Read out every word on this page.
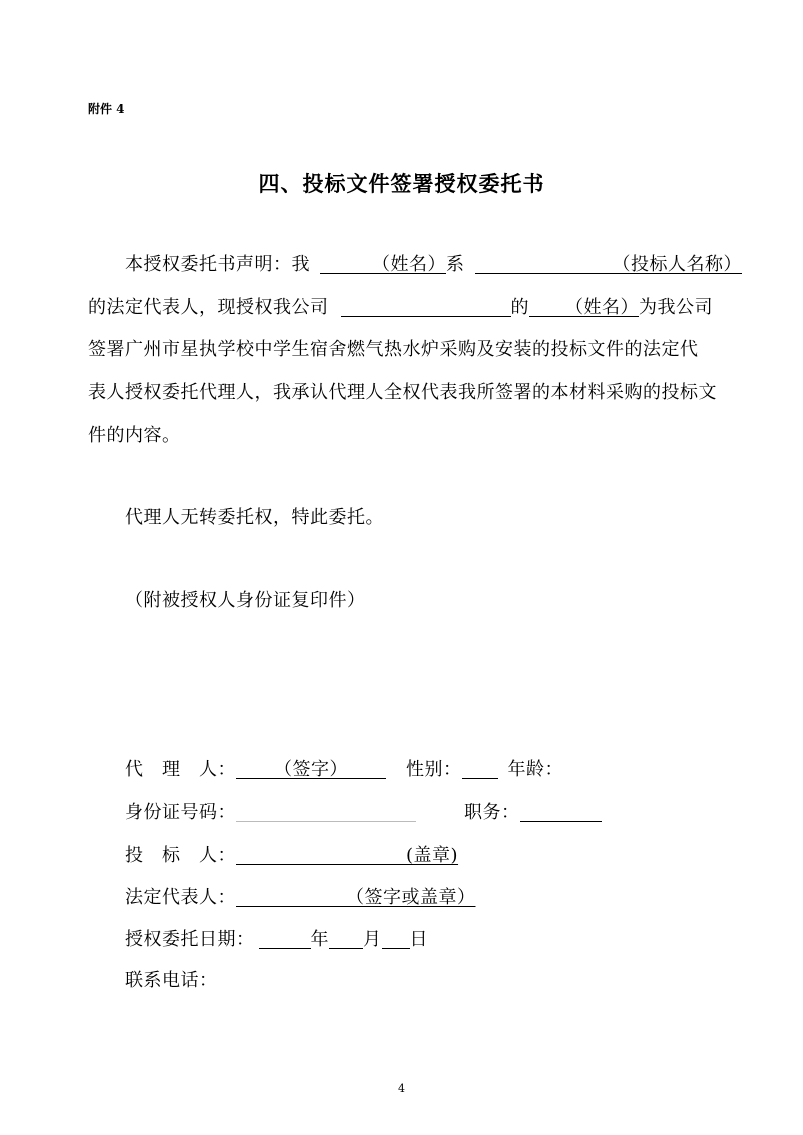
附件 4
四、投标文件签署授权委托书
本授权委托书声明：我	（姓名）系	（投标人名称）
的法定代表人，现授权我公司	的 （姓名）为我公司
签署广州市星执学校中学生宿舍燃气热水炉采购及安装的投标文件的法定代
表人授权委托代理人，我承认代理人全权代表我所签署的本材料采购的投标文
件的内容。
代理人无转委托权，特此委托。
（附被授权人身份证复印件）
代　理　人： （签字）	性别：	年龄：
身份证号码：	职务：
投　标　人：	(盖章)
法定代表人：	（签字或盖章）
授权委托日期：	年 月 日
联系电话：
4
